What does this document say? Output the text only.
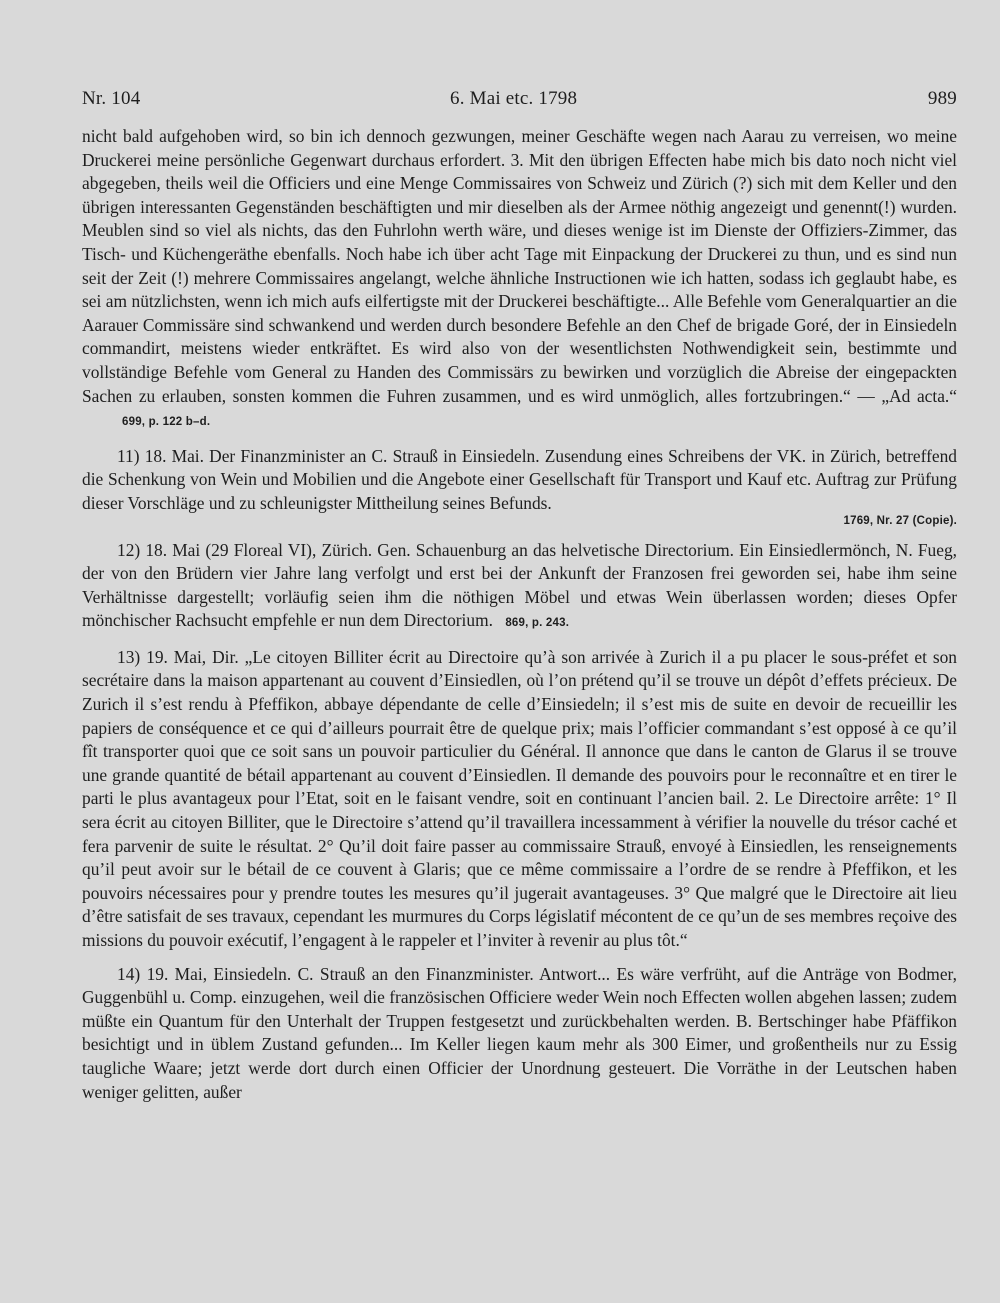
Nr. 104	6. Mai etc. 1798	989

nicht bald aufgehoben wird, so bin ich dennoch gezwungen, meiner Geschäfte wegen nach Aarau zu verreisen, wo meine Druckerei meine persönliche Gegenwart durchaus erfordert. 3. Mit den übrigen Effecten habe mich bis dato noch nicht viel abgegeben, theils weil die Officiers und eine Menge Commissaires von Schweiz und Zürich (?) sich mit dem Keller und den übrigen interessanten Gegenständen beschäftigten und mir dieselben als der Armee nöthig angezeigt und genennt(!) wurden. Meublen sind so viel als nichts, das den Fuhrlohn werth wäre, und dieses wenige ist im Dienste der Offiziers-Zimmer, das Tisch- und Küchengeräthe ebenfalls. Noch habe ich über acht Tage mit Einpackung der Druckerei zu thun, und es sind nun seit der Zeit (!) mehrere Commissaires angelangt, welche ähnliche Instructionen wie ich hatten, sodass ich geglaubt habe, es sei am nützlichsten, wenn ich mich aufs eilfertigste mit der Druckerei beschäftigte... Alle Befehle vom Generalquartier an die Aarauer Commissäre sind schwankend und werden durch besondere Befehle an den Chef de brigade Goré, der in Einsiedeln commandirt, meistens wieder entkräftet. Es wird also von der wesentlichsten Nothwendigkeit sein, bestimmte und vollständige Befehle vom General zu Handen des Commissärs zu bewirken und vorzüglich die Abreise der eingepackten Sachen zu erlauben, sonsten kommen die Fuhren zusammen, und es wird unmöglich, alles fortzubringen.“ — „Ad acta.“ 699, p. 122 b–d.

11) 18. Mai. Der Finanzminister an C. Strauß in Einsiedeln. Zusendung eines Schreibens der VK. in Zürich, betreffend die Schenkung von Wein und Mobilien und die Angebote einer Gesellschaft für Transport und Kauf etc. Auftrag zur Prüfung dieser Vorschläge und zu schleunigster Mittheilung seines Befunds.
1769, Nr. 27 (Copie).

12) 18. Mai (29 Floreal VI), Zürich. Gen. Schauenburg an das helvetische Directorium. Ein Einsiedlermönch, N. Fueg, der von den Brüdern vier Jahre lang verfolgt und erst bei der Ankunft der Franzosen frei geworden sei, habe ihm seine Verhältnisse dargestellt; vorläufig seien ihm die nöthigen Möbel und etwas Wein überlassen worden; dieses Opfer mönchischer Rachsucht empfehle er nun dem Directorium. 869, p. 243.

13) 19. Mai, Dir. „Le citoyen Billiter écrit au Directoire qu’à son arrivée à Zurich il a pu placer le sous-préfet et son secrétaire dans la maison appartenant au couvent d’Einsiedlen, où l’on prétend qu’il se trouve un dépôt d’effets précieux. De Zurich il s’est rendu à Pfeffikon, abbaye dépendante de celle d’Einsiedeln; il s’est mis de suite en devoir de recueillir les papiers de conséquence et ce qui d’ailleurs pourrait être de quelque prix; mais l’officier commandant s’est opposé à ce qu’il fît transporter quoi que ce soit sans un pouvoir particulier du Général. Il annonce que dans le canton de Glarus il se trouve une grande quantité de bétail appartenant au couvent d’Einsiedlen. Il demande des pouvoirs pour le reconnaître et en tirer le parti le plus avantageux pour l’Etat, soit en le faisant vendre, soit en continuant l’ancien bail. 2. Le Directoire arrête: 1° Il sera écrit au citoyen Billiter, que le Directoire s’attend qu’il travaillera incessamment à vérifier la nouvelle du trésor caché et fera parvenir de suite le résultat. 2° Qu’il doit faire passer au commissaire Strauß, envoyé à Einsiedlen, les renseignements qu’il peut avoir sur le bétail de ce couvent à Glaris; que ce même commissaire a l’ordre de se rendre à Pfeffikon, et les pouvoirs nécessaires pour y prendre toutes les mesures qu’il jugerait avantageuses. 3° Que malgré que le Directoire ait lieu d’être satisfait de ses travaux, cependant les murmures du Corps législatif mécontent de ce qu’un de ses membres reçoive des missions du pouvoir exécutif, l’engagent à le rappeler et l’inviter à revenir au plus tôt.“

14) 19. Mai, Einsiedeln. C. Strauß an den Finanzminister. Antwort... Es wäre verfrüht, auf die Anträge von Bodmer, Guggenbühl u. Comp. einzugehen, weil die französischen Officiere weder Wein noch Effecten wollen abgehen lassen; zudem müßte ein Quantum für den Unterhalt der Truppen festgesetzt und zurückbehalten werden. B. Bertschinger habe Pfäffikon besichtigt und in üblem Zustand gefunden... Im Keller liegen kaum mehr als 300 Eimer, und großentheils nur zu Essig taugliche Waare; jetzt werde dort durch einen Officier der Unordnung gesteuert. Die Vorräthe in der Leutschen haben weniger gelitten, außer
